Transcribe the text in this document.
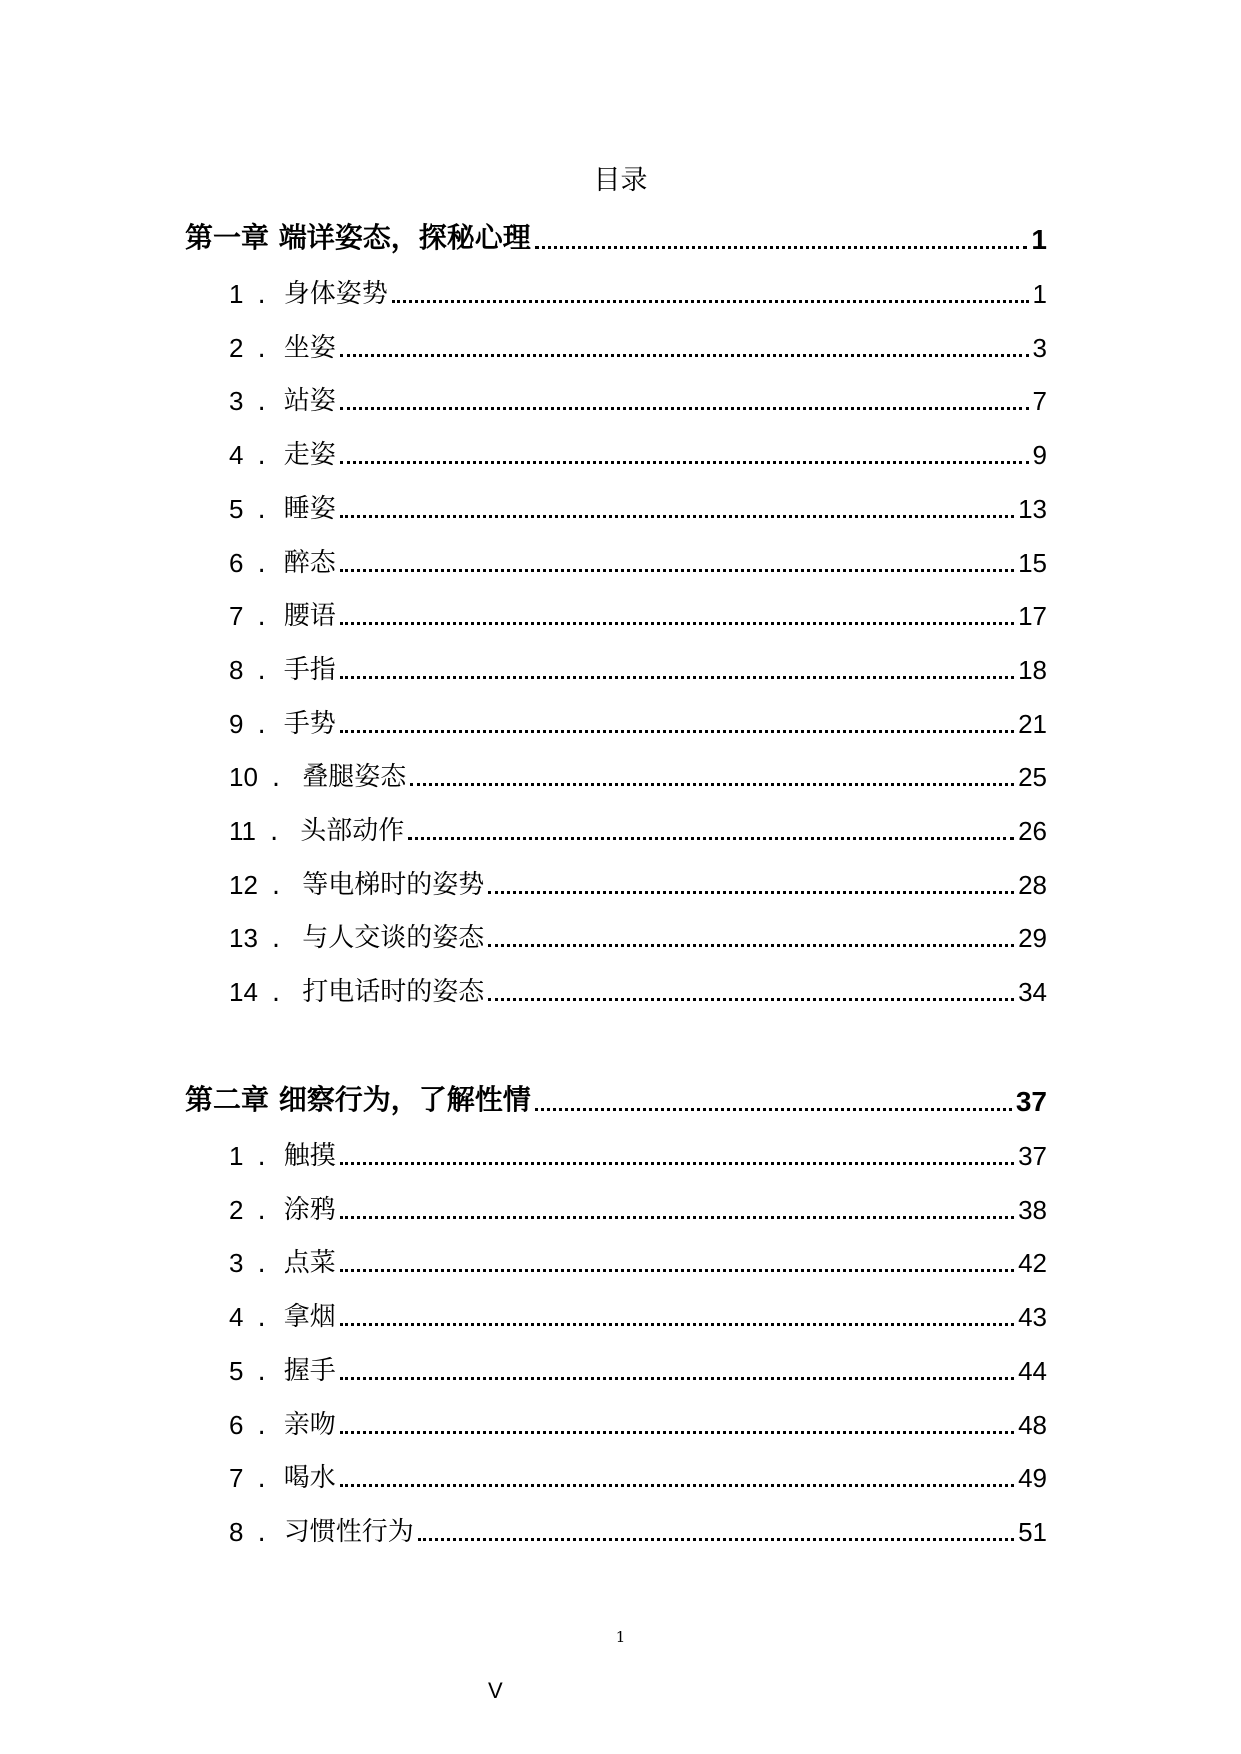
目录
第一章 端详姿态，探秘心理	1
1 . 身体姿势	1
2 . 坐姿	3
3 . 站姿	7
4 . 走姿	9
5 . 睡姿	13
6 . 醉态	15
7 . 腰语	17
8 . 手指	18
9 . 手势	21
10 . 叠腿姿态	25
11 . 头部动作	26
12 . 等电梯时的姿势	28
13 . 与人交谈的姿态	29
14 . 打电话时的姿态	34
第二章 细察行为，了解性情	37
1 . 触摸	37
2 . 涂鸦	38
3 . 点菜	42
4 . 拿烟	43
5 . 握手	44
6 . 亲吻	48
7 . 喝水	49
8 . 习惯性行为	51
1
V
